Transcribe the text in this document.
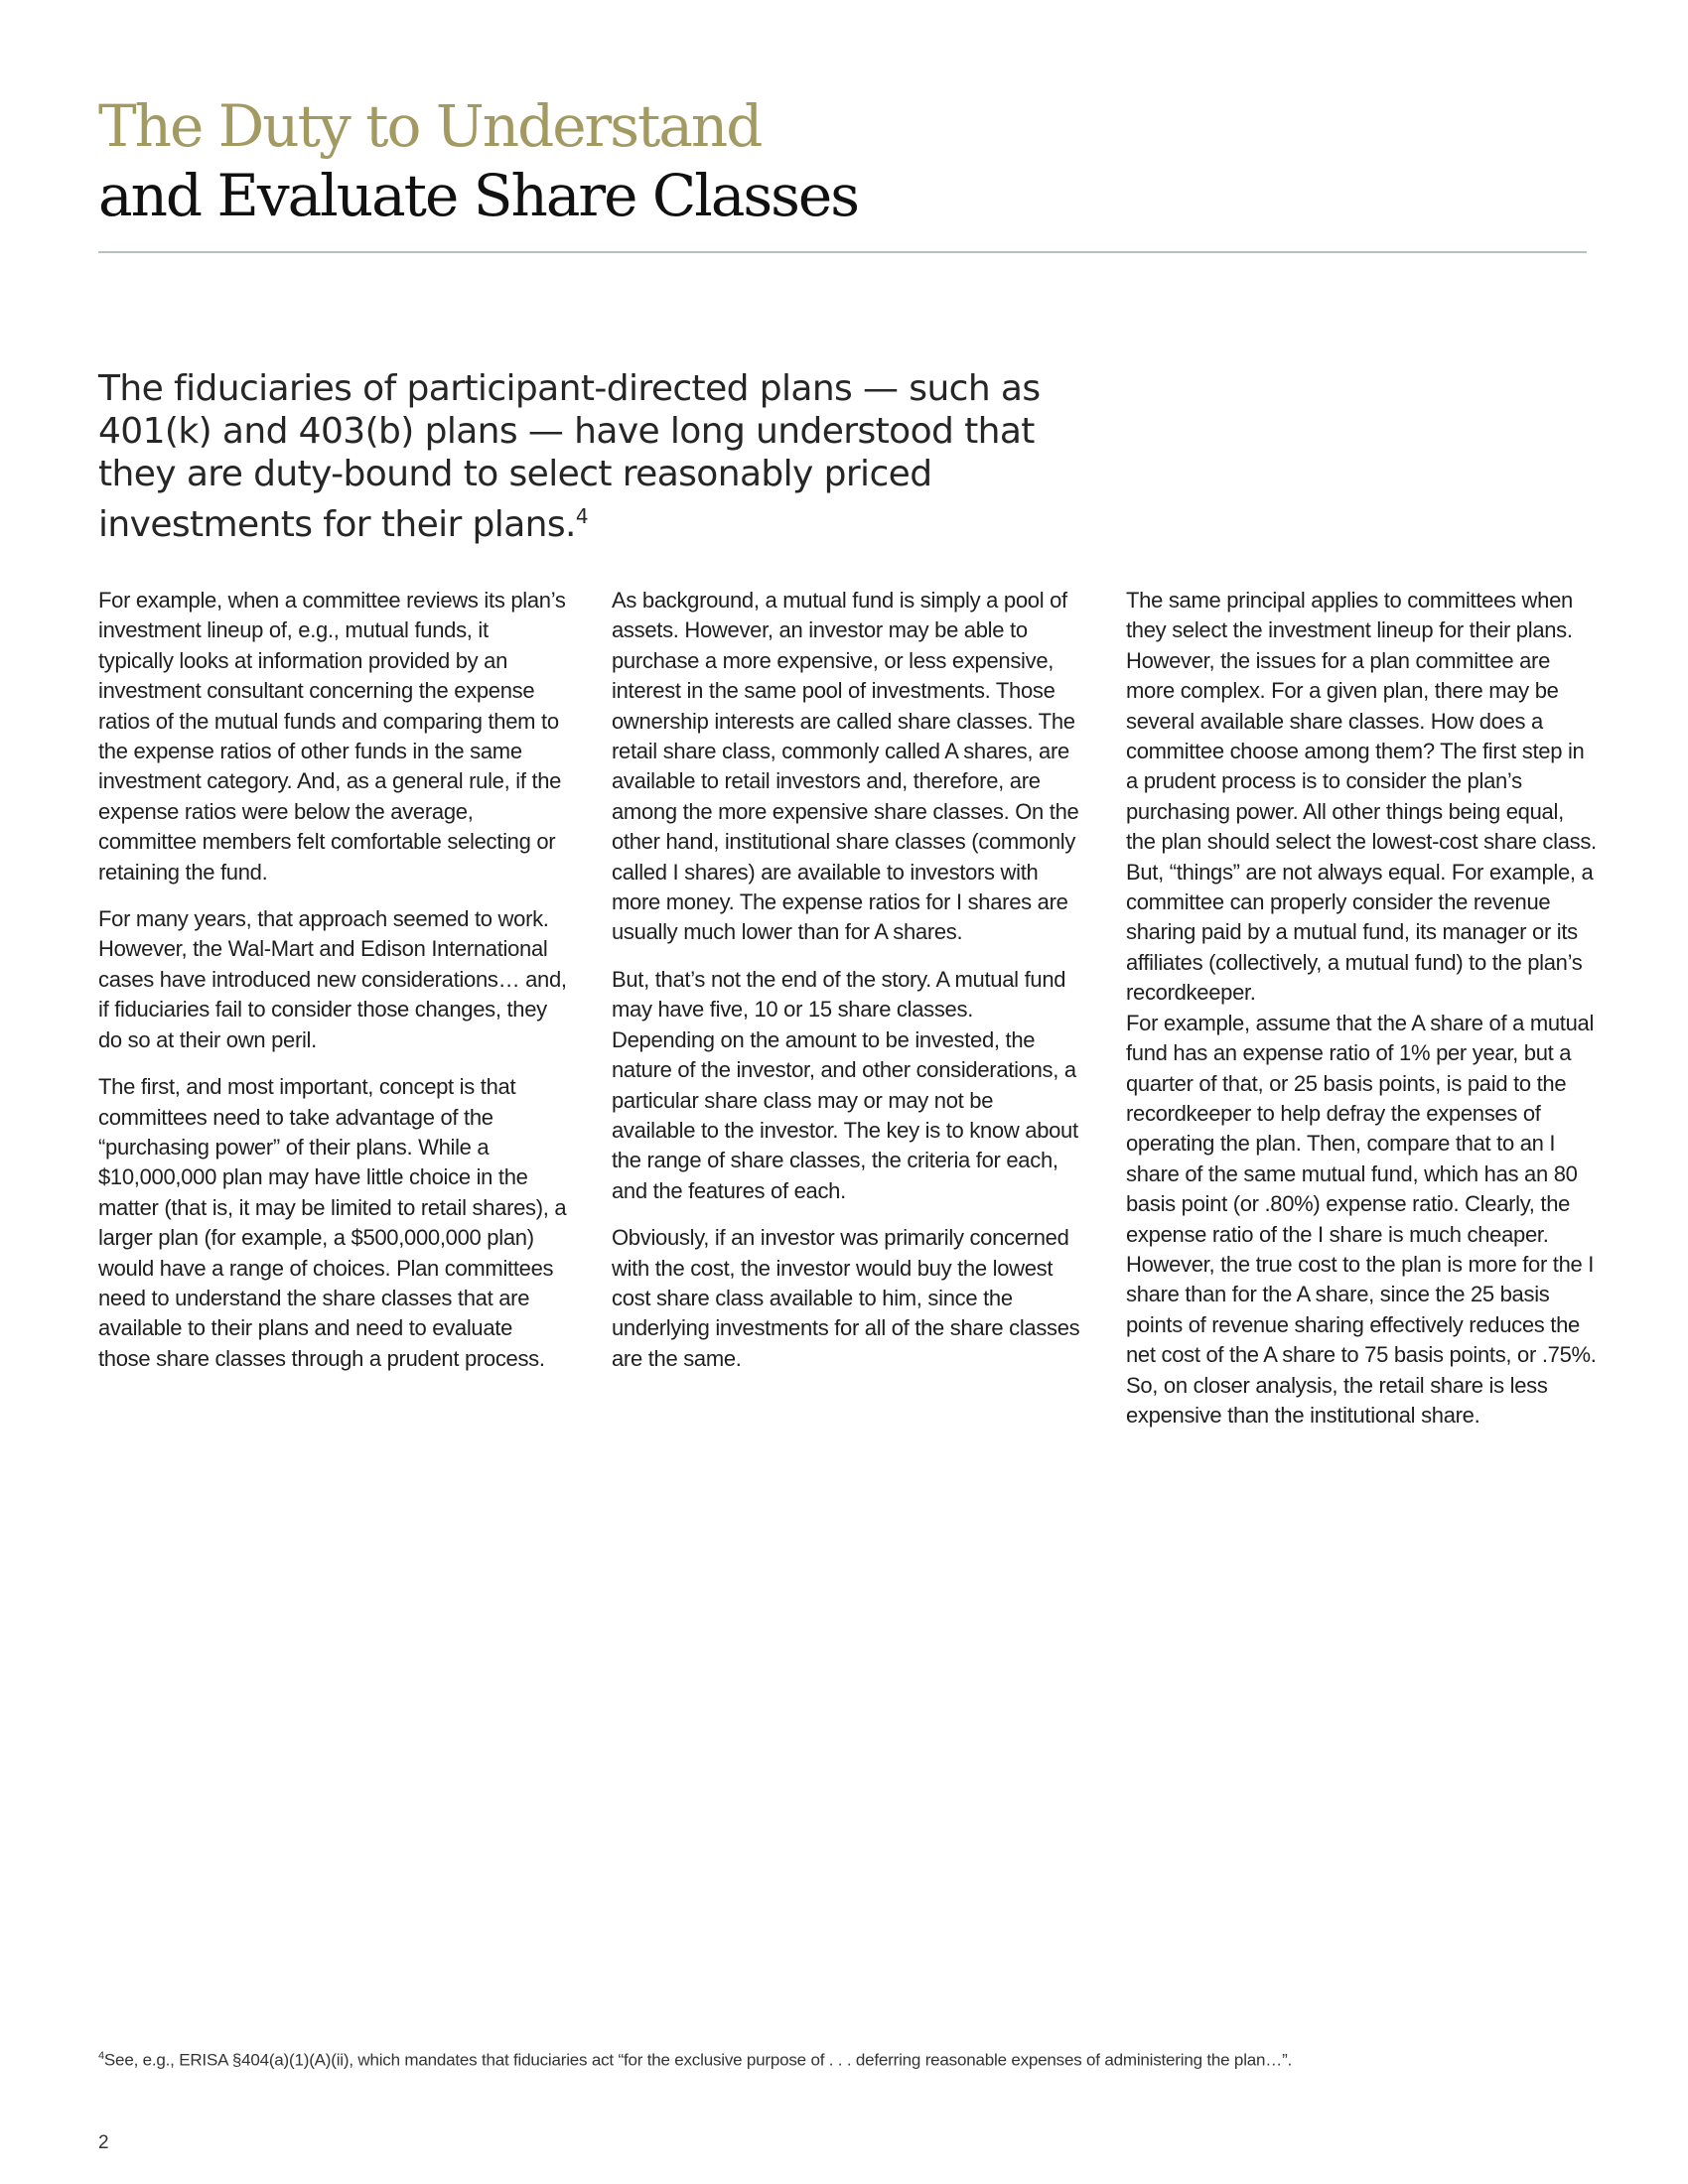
The Duty to Understand
and Evaluate Share Classes

The fiduciaries of participant-directed plans — such as 401(k) and 403(b) plans — have long understood that they are duty-bound to select reasonably priced investments for their plans.$^4$

For example, when a committee reviews its plan’s investment lineup of, e.g., mutual funds, it typically looks at information provided by an investment consultant concerning the expense ratios of the mutual funds and comparing them to the expense ratios of other funds in the same investment category. And, as a general rule, if the expense ratios were below the average, committee members felt comfortable selecting or retaining the fund.

For many years, that approach seemed to work. However, the Wal-Mart and Edison International cases have introduced new considerations… and, if fiduciaries fail to consider those changes, they do so at their own peril.

The first, and most important, concept is that committees need to take advantage of the “purchasing power” of their plans. While a $10,000,000 plan may have little choice in the matter (that is, it may be limited to retail shares), a larger plan (for example, a $500,000,000 plan) would have a range of choices. Plan committees need to understand the share classes that are available to their plans and need to evaluate those share classes through a prudent process.

As background, a mutual fund is simply a pool of assets. However, an investor may be able to purchase a more expensive, or less expensive, interest in the same pool of investments. Those ownership interests are called share classes. The retail share class, commonly called A shares, are available to retail investors and, therefore, are among the more expensive share classes. On the other hand, institutional share classes (commonly called I shares) are available to investors with more money. The expense ratios for I shares are usually much lower than for A shares.

But, that’s not the end of the story. A mutual fund may have five, 10 or 15 share classes. Depending on the amount to be invested, the nature of the investor, and other considerations, a particular share class may or may not be available to the investor. The key is to know about the range of share classes, the criteria for each, and the features of each.

Obviously, if an investor was primarily concerned with the cost, the investor would buy the lowest cost share class available to him, since the underlying investments for all of the share classes are the same.

The same principal applies to committees when they select the investment lineup for their plans. However, the issues for a plan committee are more complex. For a given plan, there may be several available share classes. How does a committee choose among them? The first step in a prudent process is to consider the plan’s purchasing power. All other things being equal, the plan should select the lowest-cost share class. But, “things” are not always equal. For example, a committee can properly consider the revenue sharing paid by a mutual fund, its manager or its affiliates (collectively, a mutual fund) to the plan’s recordkeeper.

For example, assume that the A share of a mutual fund has an expense ratio of 1% per year, but a quarter of that, or 25 basis points, is paid to the recordkeeper to help defray the expenses of operating the plan. Then, compare that to an I share of the same mutual fund, which has an 80 basis point (or .80%) expense ratio. Clearly, the expense ratio of the I share is much cheaper. However, the true cost to the plan is more for the I share than for the A share, since the 25 basis points of revenue sharing effectively reduces the net cost of the A share to 75 basis points, or .75%. So, on closer analysis, the retail share is less expensive than the institutional share.

$^4$See, e.g., ERISA §404(a)(1)(A)(ii), which mandates that fiduciaries act “for the exclusive purpose of . . . deferring reasonable expenses of administering the plan…”.

2
